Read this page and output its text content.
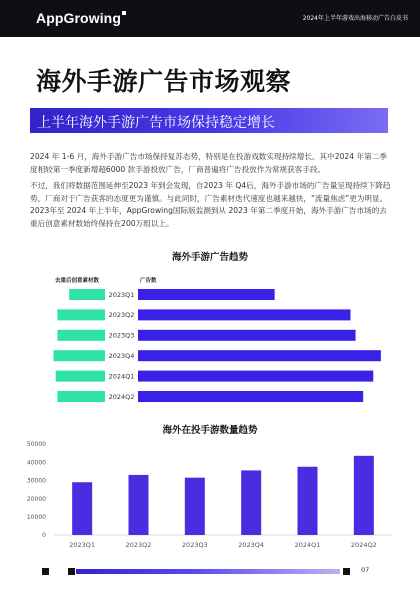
AppGrowing	2024年上半年游戏出海移动广告白皮书
海外手游广告市场观察
上半年海外手游广告市场保持稳定增长

2024 年 1-6 月，海外手游广告市场保持复苏态势，特别是在投游戏数实现持续增长。其中2024 年第二季度相较第一季度新增超6000 款手游投放广告，厂商普遍将广告投放作为常规获客手段。

不过，我们将数据范围延伸至2023 年到会发现，自2023 年 Q4后，海外手游市场的广告量呈现持续下降趋势，厂商对于广告获客的态度更为谨慎。与此同时，广告素材迭代速度也越来越快，“流量焦虑”更为明显。2023年至 2024 年上半年，AppGrowing国际版监测到从 2023 年第二季度开始，海外手游广告市场的去重后创意素材数始终保持在200万组以上。

海外手游广告趋势
去重后创意素材数	广告数
2023Q1
2023Q2
2023Q3
2023Q4
2024Q1
2024Q2
海外在投手游数量趋势
0
10000
20000
30000
40000
50000
2023Q1	2023Q2	2023Q3	2023Q4	2024Q1	2024Q2
07
